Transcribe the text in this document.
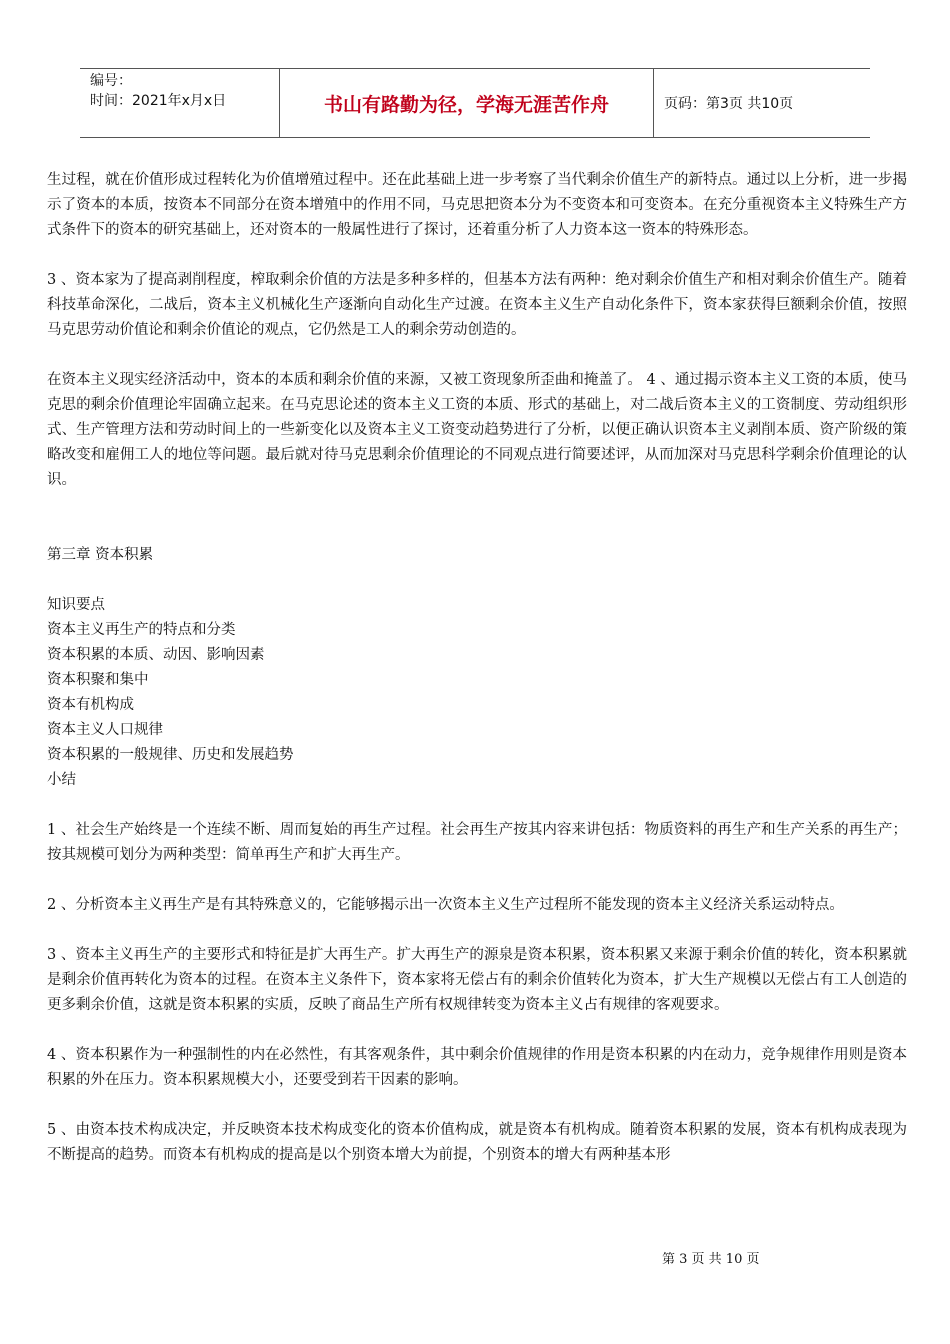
编号：
时间：2021年x月x日	书山有路勤为径，学海无涯苦作舟	页码：第3页 共10页

生过程，就在价值形成过程转化为价值增殖过程中。还在此基础上进一步考察了当代剩余价值生产的新特点。通过以上分析，进一步揭示了资本的本质，按资本不同部分在资本增殖中的作用不同，马克思把资本分为不变资本和可变资本。在充分重视资本主义特殊生产方式条件下的资本的研究基础上，还对资本的一般属性进行了探讨，还着重分析了人力资本这一资本的特殊形态。

3 、资本家为了提高剥削程度，榨取剩余价值的方法是多种多样的，但基本方法有两种：绝对剩余价值生产和相对剩余价值生产。随着科技革命深化，二战后，资本主义机械化生产逐渐向自动化生产过渡。在资本主义生产自动化条件下，资本家获得巨额剩余价值，按照马克思劳动价值论和剩余价值论的观点，它仍然是工人的剩余劳动创造的。

在资本主义现实经济活动中，资本的本质和剩余价值的来源，又被工资现象所歪曲和掩盖了。 4 、通过揭示资本主义工资的本质，使马克思的剩余价值理论牢固确立起来。在马克思论述的资本主义工资的本质、形式的基础上，对二战后资本主义的工资制度、劳动组织形式、生产管理方法和劳动时间上的一些新变化以及资本主义工资变动趋势进行了分析，以便正确认识资本主义剥削本质、资产阶级的策略改变和雇佣工人的地位等问题。最后就对待马克思剩余价值理论的不同观点进行简要述评，从而加深对马克思科学剩余价值理论的认识。

第三章 资本积累

知识要点

资本主义再生产的特点和分类

资本积累的本质、动因、影响因素

资本积聚和集中

资本有机构成

资本主义人口规律

资本积累的一般规律、历史和发展趋势

小结

1 、社会生产始终是一个连续不断、周而复始的再生产过程。社会再生产按其内容来讲包括：物质资料的再生产和生产关系的再生产；按其规模可划分为两种类型：简单再生产和扩大再生产。

2 、分析资本主义再生产是有其特殊意义的，它能够揭示出一次资本主义生产过程所不能发现的资本主义经济关系运动特点。

3 、资本主义再生产的主要形式和特征是扩大再生产。扩大再生产的源泉是资本积累，资本积累又来源于剩余价值的转化，资本积累就是剩余价值再转化为资本的过程。在资本主义条件下，资本家将无偿占有的剩余价值转化为资本，扩大生产规模以无偿占有工人创造的更多剩余价值，这就是资本积累的实质，反映了商品生产所有权规律转变为资本主义占有规律的客观要求。

4 、资本积累作为一种强制性的内在必然性，有其客观条件，其中剩余价值规律的作用是资本积累的内在动力，竞争规律作用则是资本积累的外在压力。资本积累规模大小，还要受到若干因素的影响。

5 、由资本技术构成决定，并反映资本技术构成变化的资本价值构成，就是资本有机构成。随着资本积累的发展，资本有机构成表现为不断提高的趋势。而资本有机构成的提高是以个别资本增大为前提，个别资本的增大有两种基本形

第 3 页 共 10 页
